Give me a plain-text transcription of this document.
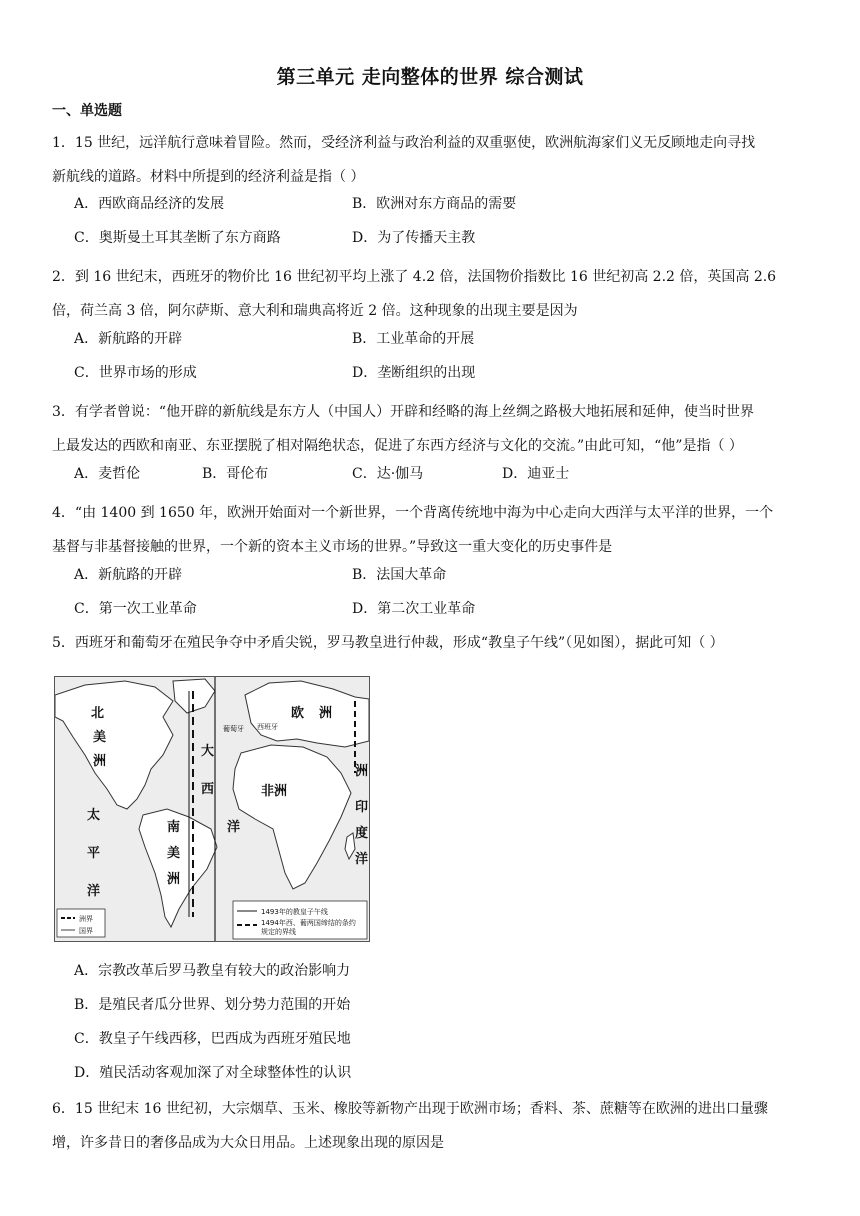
第三单元 走向整体的世界 综合测试
一、单选题
1．15 世纪，远洋航行意味着冒险。然而，受经济利益与政治利益的双重驱使，欧洲航海家们义无反顾地走向寻找
新航线的道路。材料中所提到的经济利益是指（ ）
A．西欧商品经济的发展	B．欧洲对东方商品的需要
C．奥斯曼土耳其垄断了东方商路	D．为了传播天主教
2．到 16 世纪末，西班牙的物价比 16 世纪初平均上涨了 4.2 倍，法国物价指数比 16 世纪初高 2.2 倍，英国高 2.6
倍，荷兰高 3 倍，阿尔萨斯、意大利和瑞典高将近 2 倍。这种现象的出现主要是因为
A．新航路的开辟	B．工业革命的开展
C．世界市场的形成	D．垄断组织的出现
3．有学者曾说：“他开辟的新航线是东方人（中国人）开辟和经略的海上丝绸之路极大地拓展和延伸，使当时世界
上最发达的西欧和南亚、东亚摆脱了相对隔绝状态，促进了东西方经济与文化的交流。”由此可知，“他”是指（ ）
A．麦哲伦	B．哥伦布	C．达·伽马	D．迪亚士
4．“由 1400 到 1650 年，欧洲开始面对一个新世界，一个背离传统地中海为中心走向大西洋与太平洋的世界，一个
基督与非基督接触的世界，一个新的资本主义市场的世界。”导致这一重大变化的历史事件是
A．新航路的开辟	B．法国大革命
C．第一次工业革命	D．第二次工业革命
5．西班牙和葡萄牙在殖民争夺中矛盾尖锐，罗马教皇进行仲裁，形成“教皇子午线”（见如图），据此可知（ ）
北
美
洲
太
平
洋
南
美
洲
大
西
洋
欧 洲
洲
非洲
印
度
洋
葡萄牙 西班牙
洲界
国界
1493年的教皇子午线
1494年西、葡两国缔结的条约
规定的界线
A．宗教改革后罗马教皇有较大的政治影响力
B．是殖民者瓜分世界、划分势力范围的开始
C．教皇子午线西移，巴西成为西班牙殖民地
D．殖民活动客观加深了对全球整体性的认识
6．15 世纪末 16 世纪初，大宗烟草、玉米、橡胶等新物产出现于欧洲市场；香料、茶、蔗糖等在欧洲的进出口量骤
增，许多昔日的奢侈品成为大众日用品。上述现象出现的原因是
